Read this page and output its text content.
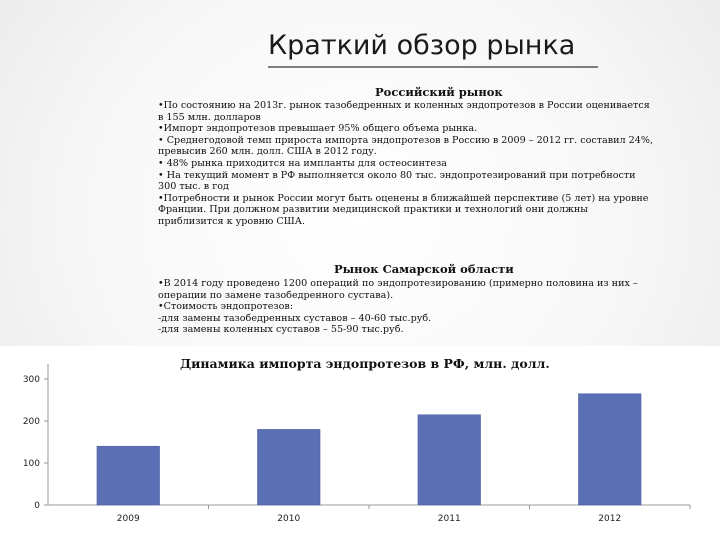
Краткий обзор рынка
Российский рынок
•По состоянию на 2013г. рынок тазобедренных и коленных эндопротезов в России оценивается
в 155 млн. долларов
•Импорт эндопротезов превышает 95% общего объема рынка.
• Среднегодовой темп прироста импорта эндопротезов в Россию в 2009 – 2012 гг. составил 24%,
превысив 260 млн. долл. США в 2012 году.
• 48% рынка приходится на импланты для остеосинтеза
• На текущий момент в РФ выполняется около 80 тыс. эндопротезирований при потребности
300 тыс. в год
•Потребности и рынок России могут быть оценены в ближайшей перспективе (5 лет) на уровне
Франции. При должном развитии медицинской практики и технологий они должны
приблизится к уровню США.
Рынок Самарской области
•В 2014 году проведено 1200 операций по эндопротезированию (примерно половина из них –
операции по замене тазобедренного сустава).
•Стоимость эндопротезов:
-для замены тазобедренных суставов – 40-60 тыс.руб.
-для замены коленных суставов – 55-90 тыс.руб.
0
100
200
300
2009	2010	2011	2012
Динамика импорта эндопротезов в РФ, млн. долл.
